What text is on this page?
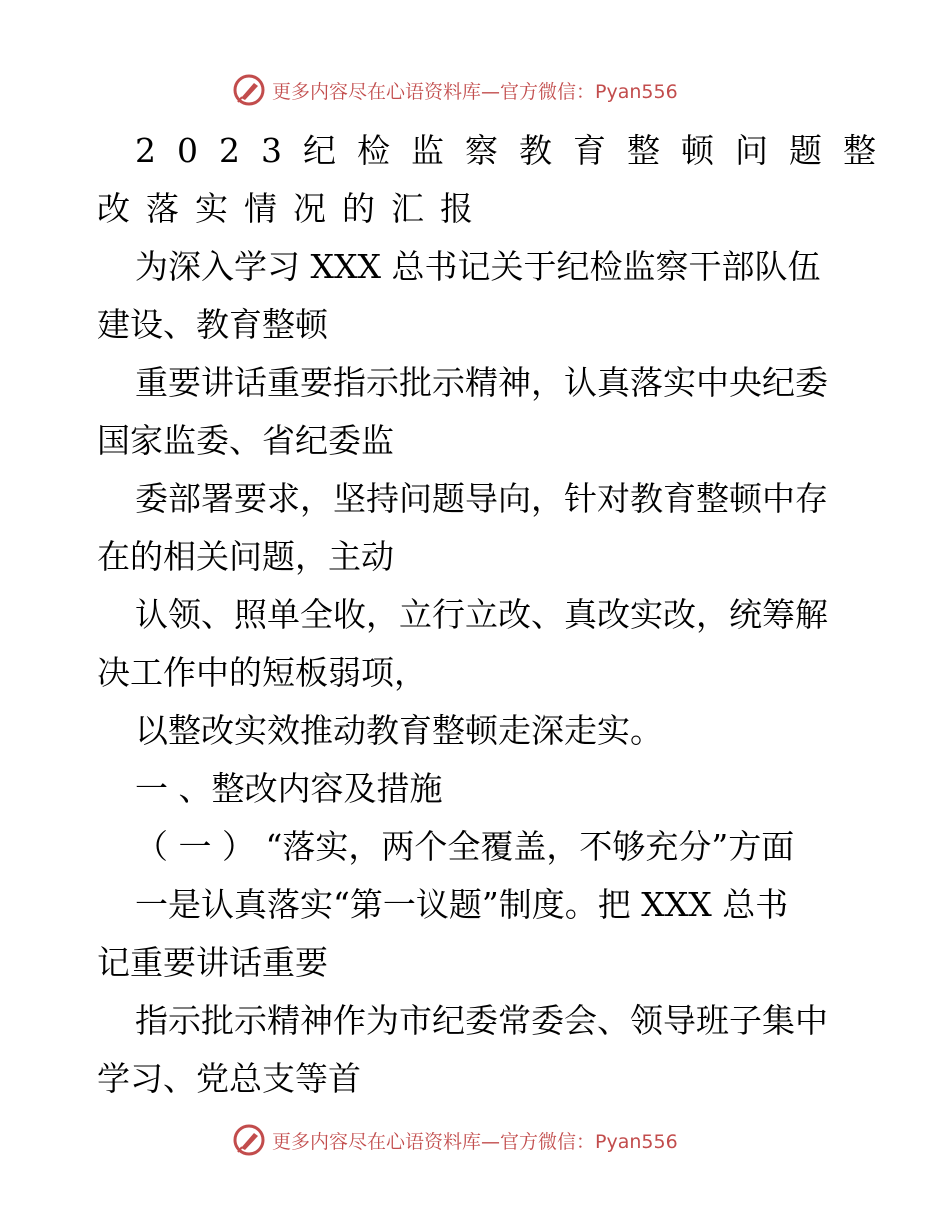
更多内容尽在心语资料库—官方微信：Pyan556
2023纪检监察教育整顿问题整
改落实情况的汇报
为深入学习 XXX 总书记关于纪检监察干部队伍
建设、教育整顿
重要讲话重要指示批示精神，认真落实中央纪委
国家监委、省纪委监
委部署要求，坚持问题导向，针对教育整顿中存
在的相关问题，主动
认领、照单全收，立行立改、真改实改，统筹解
决工作中的短板弱项，
以整改实效推动教育整顿走深走实。
一 、整改内容及措施
（ 一 ） “落实，两个全覆盖，不够充分”方面
一是认真落实“第一议题”制度。把 XXX 总书
记重要讲话重要
指示批示精神作为市纪委常委会、领导班子集中
学习、党总支等首
更多内容尽在心语资料库—官方微信：Pyan556
